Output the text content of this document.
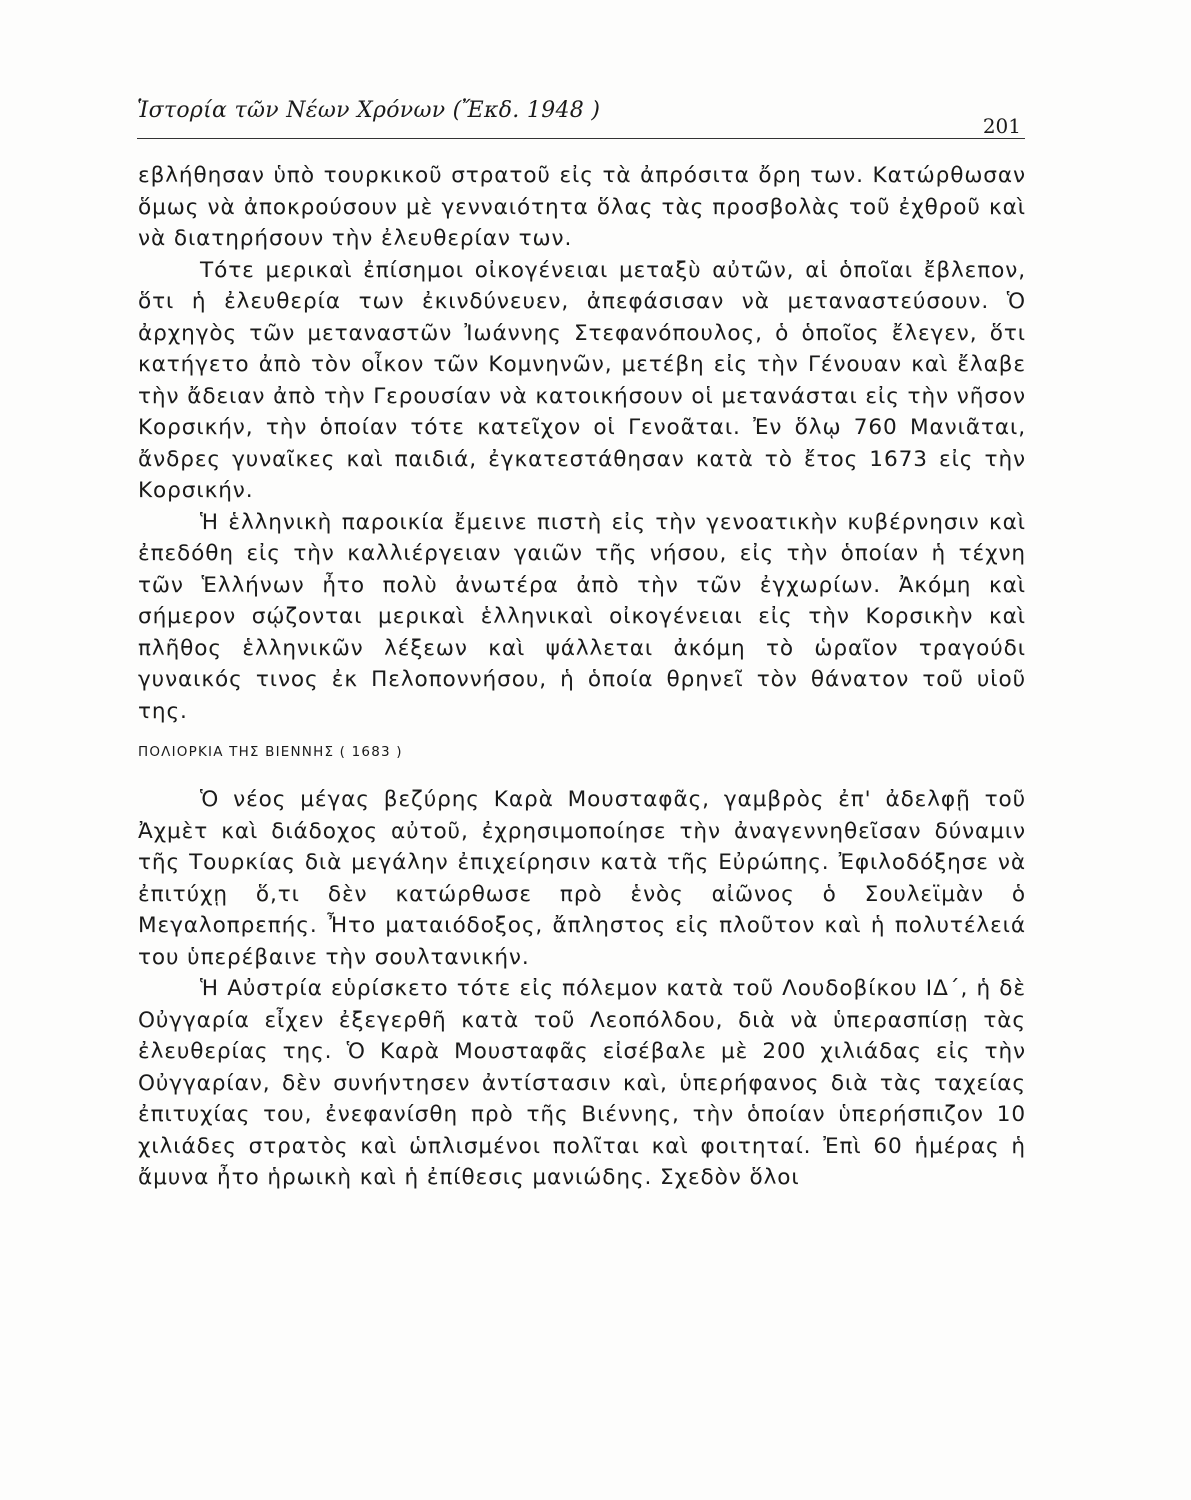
Ἱστορία τῶν Νέων Χρόνων (Ἔκδ. 1948 )
201

εβλήθησαν ὑπὸ τουρκικοῦ στρατοῦ εἰς τὰ ἀπρόσιτα ὄρη των. Κατώρθωσαν ὅμως νὰ ἀποκρούσουν μὲ γενναιότητα ὅλας τὰς προσβολὰς τοῦ ἐχθροῦ καὶ νὰ διατηρήσουν τὴν ἐλευθερίαν των.

Τότε μερικαὶ ἐπίσημοι οἰκογένειαι μεταξὺ αὐτῶν, αἱ ὁποῖαι ἔβλεπον, ὅτι ἡ ἐλευθερία των ἐκινδύνευεν, ἀπεφάσισαν νὰ μεταναστεύσουν. Ὁ ἀρχηγὸς τῶν μεταναστῶν Ἰωάννης Στεφανόπουλος, ὁ ὁποῖος ἔλεγεν, ὅτι κατήγετο ἀπὸ τὸν οἶκον τῶν Κομνηνῶν, μετέβη εἰς τὴν Γένουαν καὶ ἔλαβε τὴν ἄδειαν ἀπὸ τὴν Γερουσίαν νὰ κατοικήσουν οἱ μετανάσται εἰς τὴν νῆσον Κορσικήν, τὴν ὁποίαν τότε κατεῖχον οἱ Γενοᾶται. Ἐν ὅλῳ 760 Μανιᾶται, ἄνδρες γυναῖκες καὶ παιδιά, ἐγκατεστάθησαν κατὰ τὸ ἔτος 1673 εἰς τὴν Κορσικήν.

Ἡ ἑλληνικὴ παροικία ἔμεινε πιστὴ εἰς τὴν γενοατικὴν κυβέρνησιν καὶ ἐπεδόθη εἰς τὴν καλλιέργειαν γαιῶν τῆς νήσου, εἰς τὴν ὁποίαν ἡ τέχνη τῶν Ἑλλήνων ἦτο πολὺ ἀνωτέρα ἀπὸ τὴν τῶν ἐγχωρίων. Ἀκόμη καὶ σήμερον σῴζονται μερικαὶ ἑλληνικαὶ οἰκογένειαι εἰς τὴν Κορσικὴν καὶ πλῆθος ἑλληνικῶν λέξεων καὶ ψάλλεται ἀκόμη τὸ ὡραῖον τραγούδι γυναικός τινος ἐκ Πελοποννήσου, ἡ ὁποία θρηνεῖ τὸν θάνατον τοῦ υἱοῦ της.

ΠΟΛΙΟΡΚΙΑ ΤΗΣ ΒΙΕΝΝΗΣ ( 1683 )

Ὁ νέος μέγας βεζύρης Καρὰ Μουσταφᾶς, γαμβρὸς ἐπ' ἀδελφῇ τοῦ Ἀχμὲτ καὶ διάδοχος αὐτοῦ, ἐχρησιμοποίησε τὴν ἀναγεννηθεῖσαν δύναμιν τῆς Τουρκίας διὰ μεγάλην ἐπιχείρησιν κατὰ τῆς Εὐρώπης. Ἐφιλοδόξησε νὰ ἐπιτύχῃ ὅ,τι δὲν κατώρθωσε πρὸ ἑνὸς αἰῶνος ὁ Σουλεϊμὰν ὁ Μεγαλοπρεπής. Ἦτο ματαιόδοξος, ἄπληστος εἰς πλοῦτον καὶ ἡ πολυτέλειά του ὑπερέβαινε τὴν σουλτανικήν.

Ἡ Αὐστρία εὑρίσκετο τότε εἰς πόλεμον κατὰ τοῦ Λουδοβίκου ΙΔ΄, ἡ δὲ Οὐγγαρία εἶχεν ἐξεγερθῆ κατὰ τοῦ Λεοπόλδου, διὰ νὰ ὑπερασπίσῃ τὰς ἐλευθερίας της. Ὁ Καρὰ Μουσταφᾶς εἰσέβαλε μὲ 200 χιλιάδας εἰς τὴν Οὐγγαρίαν, δὲν συνήντησεν ἀντίστασιν καὶ, ὑπερήφανος διὰ τὰς ταχείας ἐπιτυχίας του, ἐνεφανίσθη πρὸ τῆς Βιέννης, τὴν ὁποίαν ὑπερήσπιζον 10 χιλιάδες στρατὸς καὶ ὡπλισμένοι πολῖται καὶ φοιτηταί. Ἐπὶ 60 ἡμέρας ἡ ἄμυνα ἦτο ἡρωικὴ καὶ ἡ ἐπίθεσις μανιώδης. Σχεδὸν ὅλοι
